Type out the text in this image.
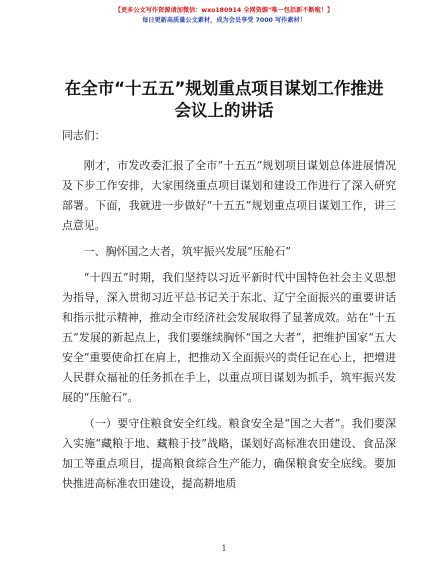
【更多公文写作资源请加微信：wxo180914 全网资源"唯一包括新不断啦！】
每日更新高质量公文素材，成为会员享受 7000 写作素材！
在全市“十五五”规划重点项目谋划工作推进
会议上的讲话

同志们：

刚才，市发改委汇报了全市“十五五”规划项目谋划总体进展情况及下步工作安排，大家围绕重点项目谋划和建设工作进行了深入研究部署。下面，我就进一步做好“十五五”规划重点项目谋划工作，讲三点意见。

一、胸怀国之大者，筑牢振兴发展“压舱石”

“十四五”时期，我们坚持以习近平新时代中国特色社会主义思想为指导，深入贯彻习近平总书记关于东北、辽宁全面振兴的重要讲话和指示批示精神，推动全市经济社会发展取得了显著成效。站在“十五五”发展的新起点上，我们要继续胸怀“国之大者”，把维护国家“五大安全”重要使命扛在肩上，把推动Ｘ全面振兴的责任记在心上，把增进人民群众福祉的任务抓在手上，以重点项目谋划为抓手，筑牢振兴发展的“压舱石”。

（一）要守住粮食安全红线。粮食安全是“国之大者”。我们要深入实施“藏粮于地、藏粮于技”战略，谋划好高标准农田建设、食品深加工等重点项目，提高粮食综合生产能力，确保粮食安全底线。要加快推进高标准农田建设，提高耕地质

1
